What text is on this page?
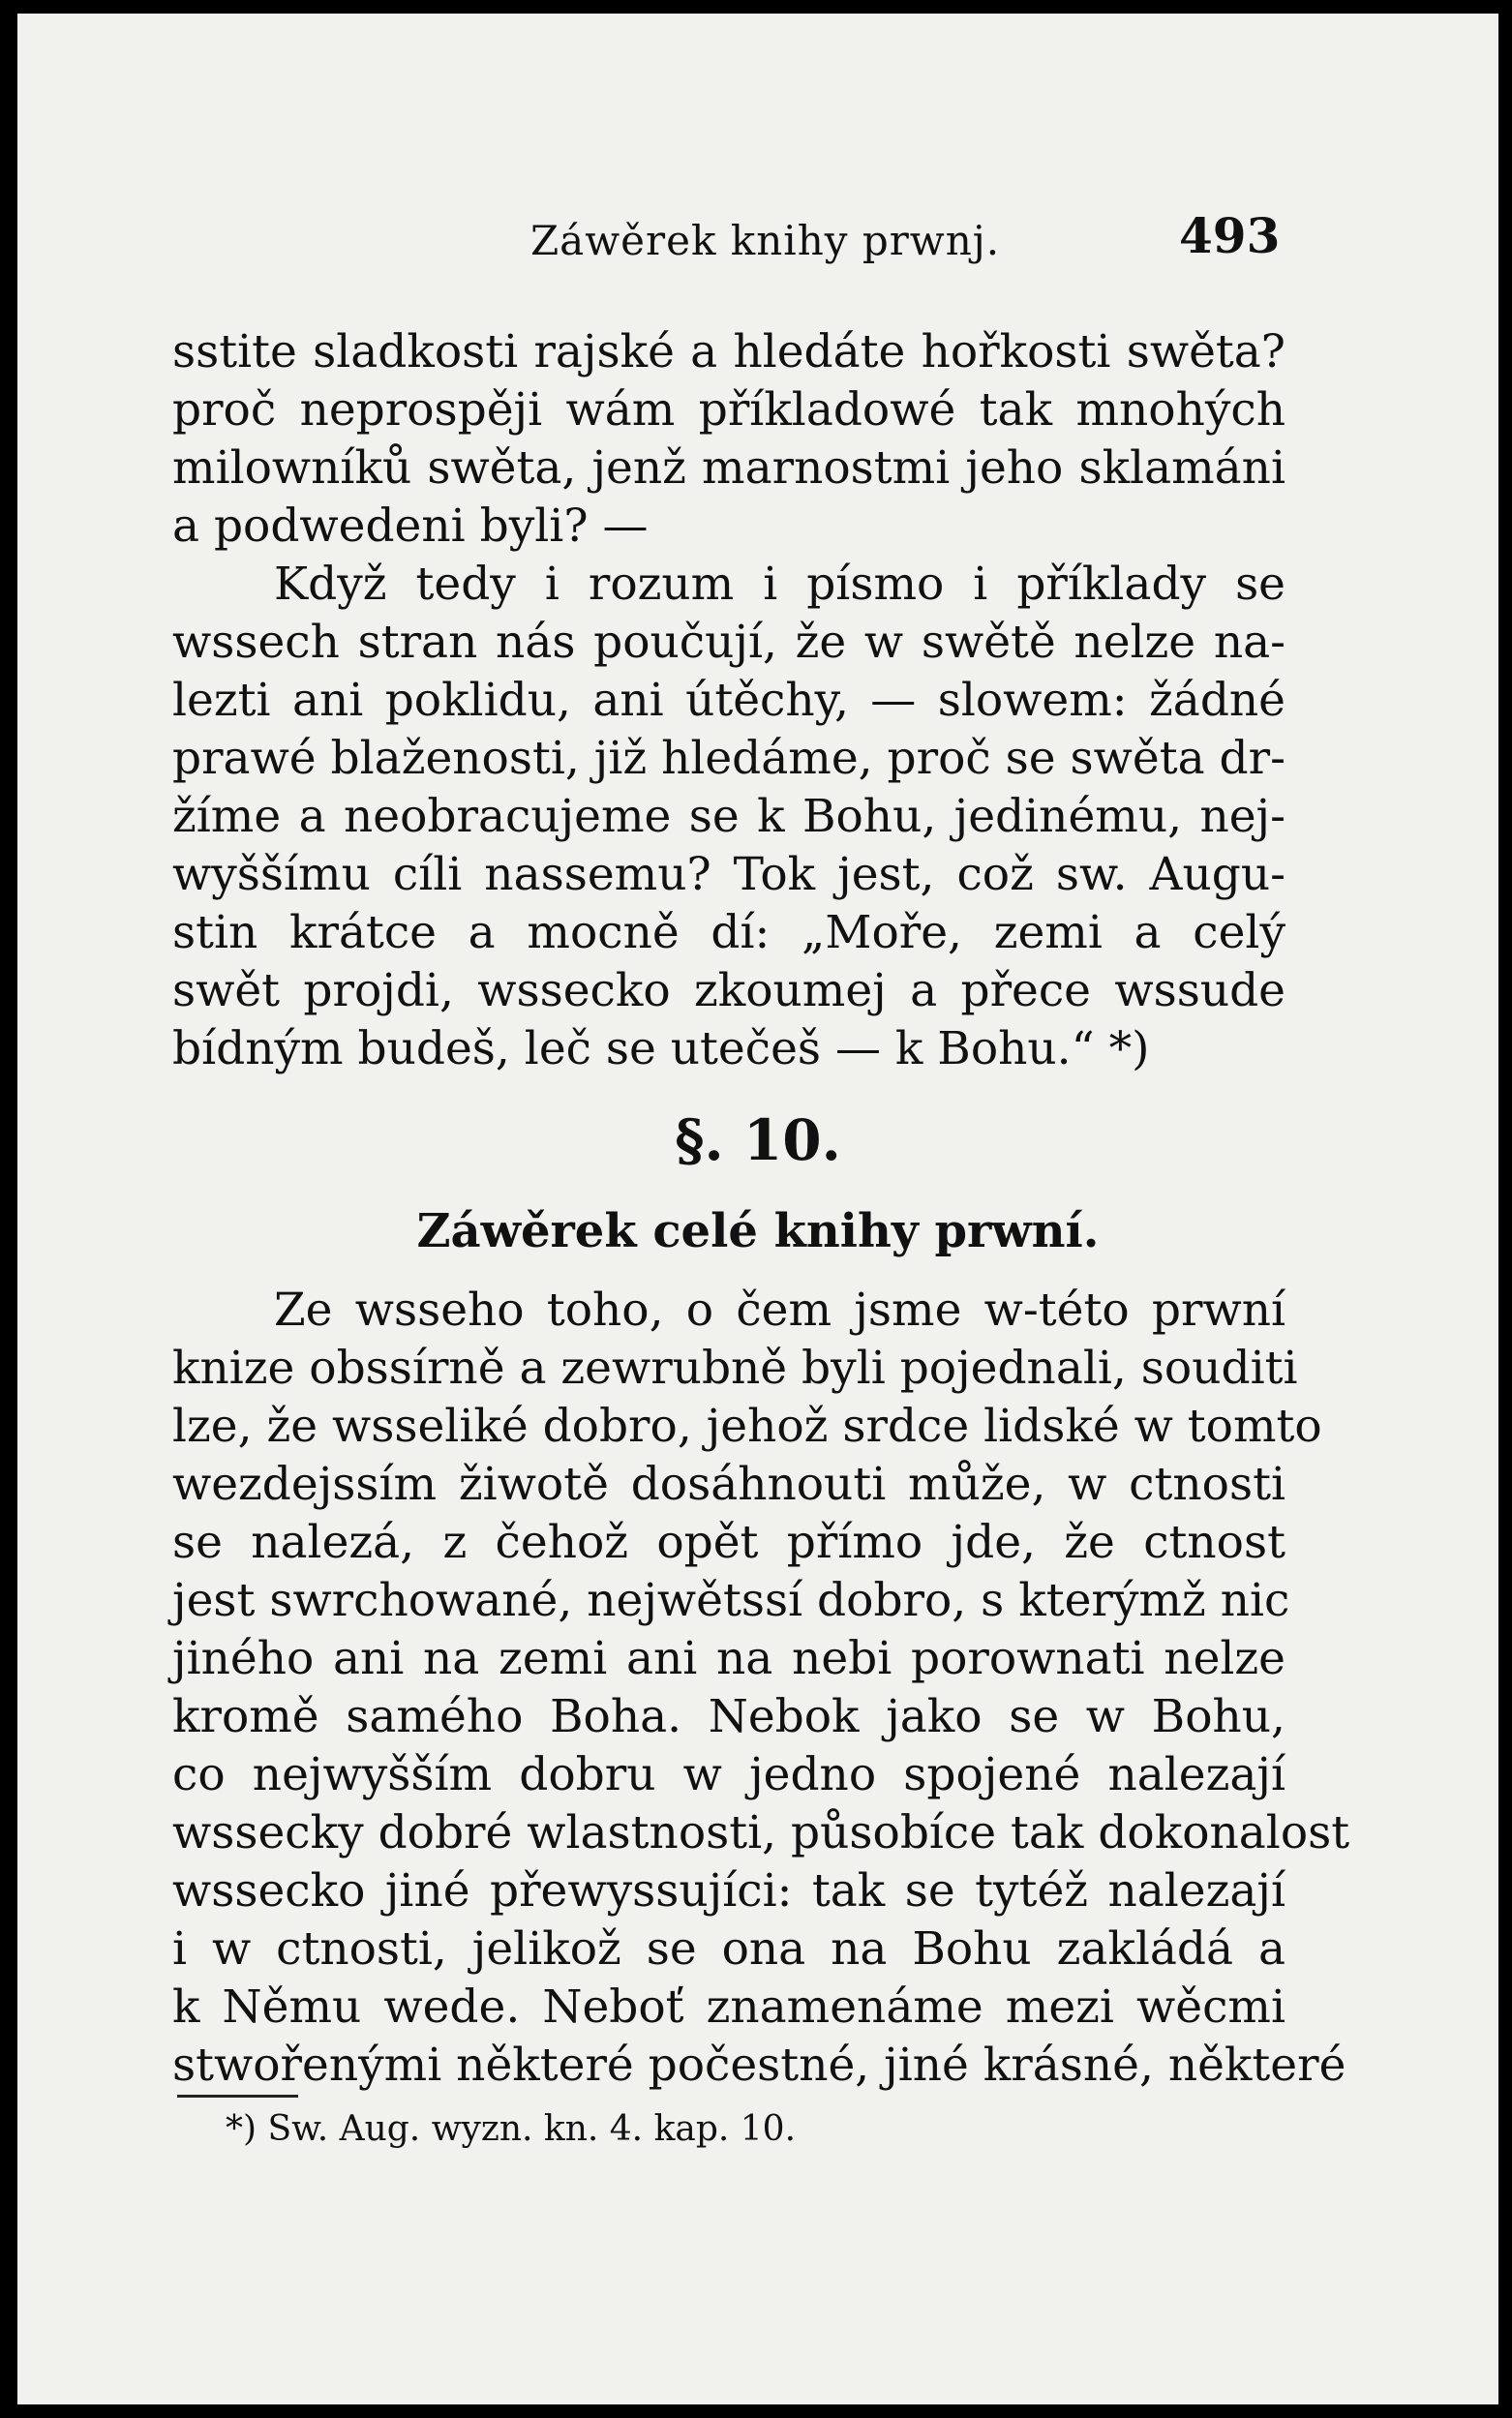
Záwěrek knihy prwnj.	493
sstite sladkosti rajské a hledáte hořkosti swěta?
proč neprospěji wám příkladowé tak mnohých
milowníků swěta, jenž marnostmi jeho sklamáni
a podwedeni byli? —
Když tedy i rozum i písmo i příklady se
wssech stran nás poučují, že w swětě nelze na-
lezti ani poklidu, ani útěchy, — slowem: žádné
prawé blaženosti, již hledáme, proč se swěta dr-
žíme a neobracujeme se k Bohu, jedinému, nej-
wyššímu cíli nassemu? Tok jest, což sw. Augu-
stin krátce a mocně dí: „Moře, zemi a celý
swět projdi, wssecko zkoumej a přece wssude
bídným budeš, leč se utečeš — k Bohu.“ *)
§. 10.
Záwěrek celé knihy prwní.
Ze wsseho toho, o čem jsme w-této prwní
knize obssírně a zewrubně byli pojednali, souditi
lze, že wsseliké dobro, jehož srdce lidské w tomto
wezdejssím žiwotě dosáhnouti může, w ctnosti
se nalezá, z čehož opět přímo jde, že ctnost
jest swrchowané, nejwětssí dobro, s kterýmž nic
jiného ani na zemi ani na nebi porownati nelze
kromě samého Boha. Nebok jako se w Bohu,
co nejwyšším dobru w jedno spojené nalezají
wssecky dobré wlastnosti, působíce tak dokonalost
wssecko jiné přewyssujíci: tak se tytéž nalezají
i w ctnosti, jelikož se ona na Bohu zakládá a
k Němu wede. Neboť znamenáme mezi wěcmi
stwořenými některé počestné, jiné krásné, některé
*) Sw. Aug. wyzn. kn. 4. kap. 10.
